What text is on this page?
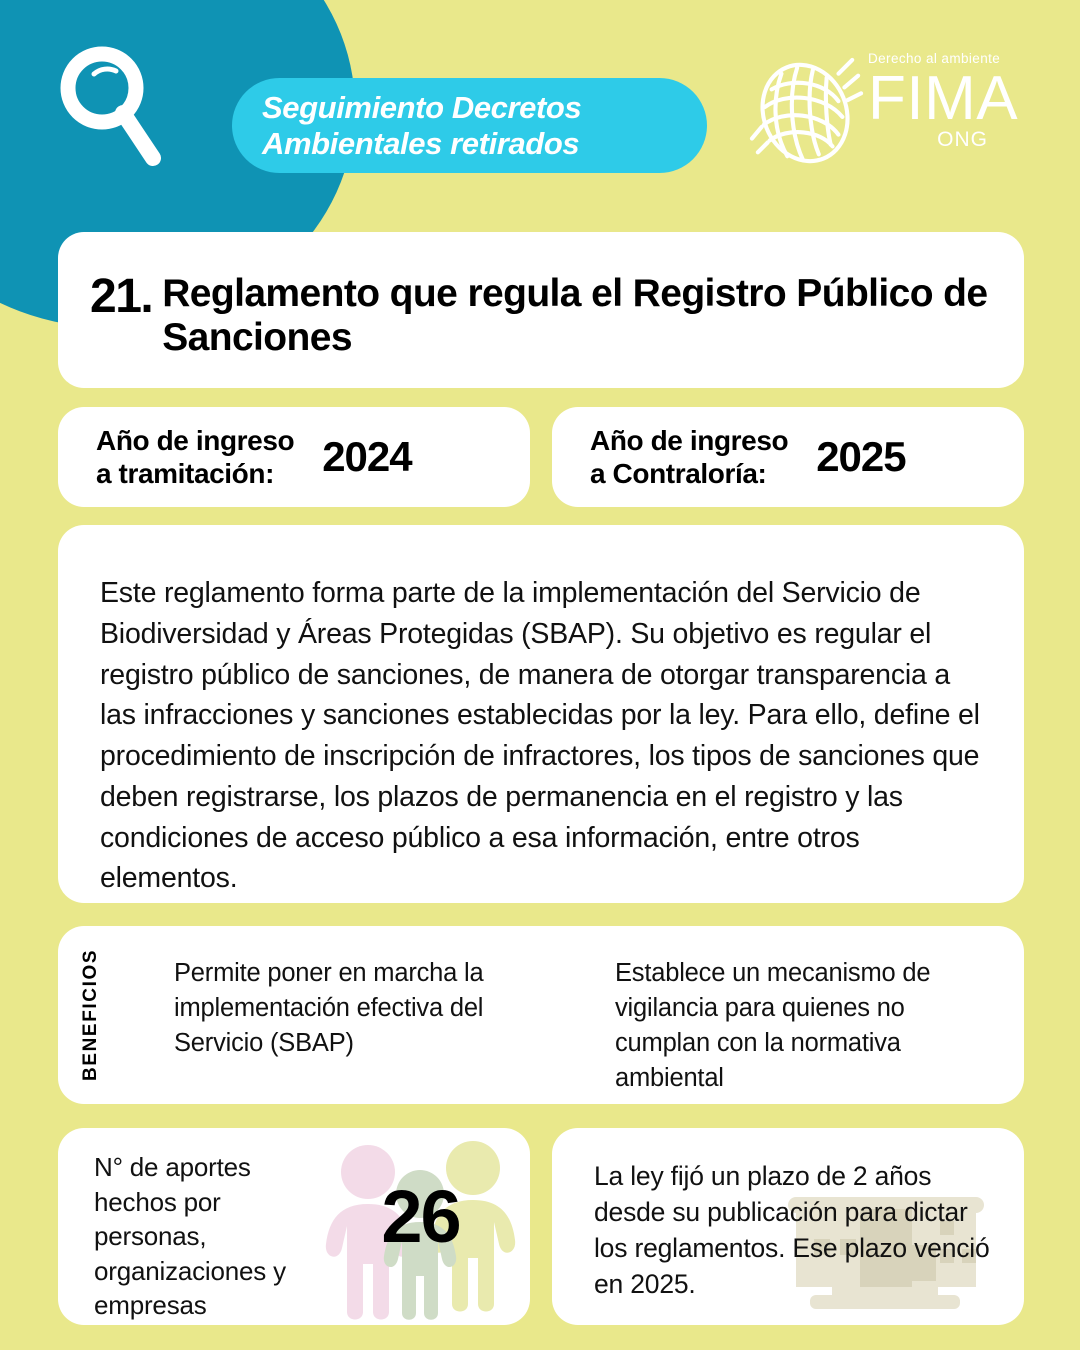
Seguimiento Decretos
Ambientales retirados
Derecho al ambiente
FIMA
ONG
21. Reglamento que regula el Registro Público de Sanciones
Año de ingreso
a tramitación:	2024	Año de ingreso
a Contraloría:	2025
Este reglamento forma parte de la implementación del Servicio de Biodiversidad y Áreas Protegidas (SBAP). Su objetivo es regular el registro público de sanciones, de manera de otorgar transparencia a las infracciones y sanciones establecidas por la ley. Para ello, define el procedimiento de inscripción de infractores, los tipos de sanciones que deben registrarse, los plazos de permanencia en el registro y las condiciones de acceso público a esa información, entre otros elementos.
BENEFICIOS	Permite poner en marcha la implementación efectiva del Servicio (SBAP)
Establece un mecanismo de vigilancia para quienes no cumplan con la normativa ambiental
N° de aportes hechos por personas, organizaciones y empresas
26	La ley fijó un plazo de 2 años desde su publicación para dictar los reglamentos. Ese plazo venció en 2025.
